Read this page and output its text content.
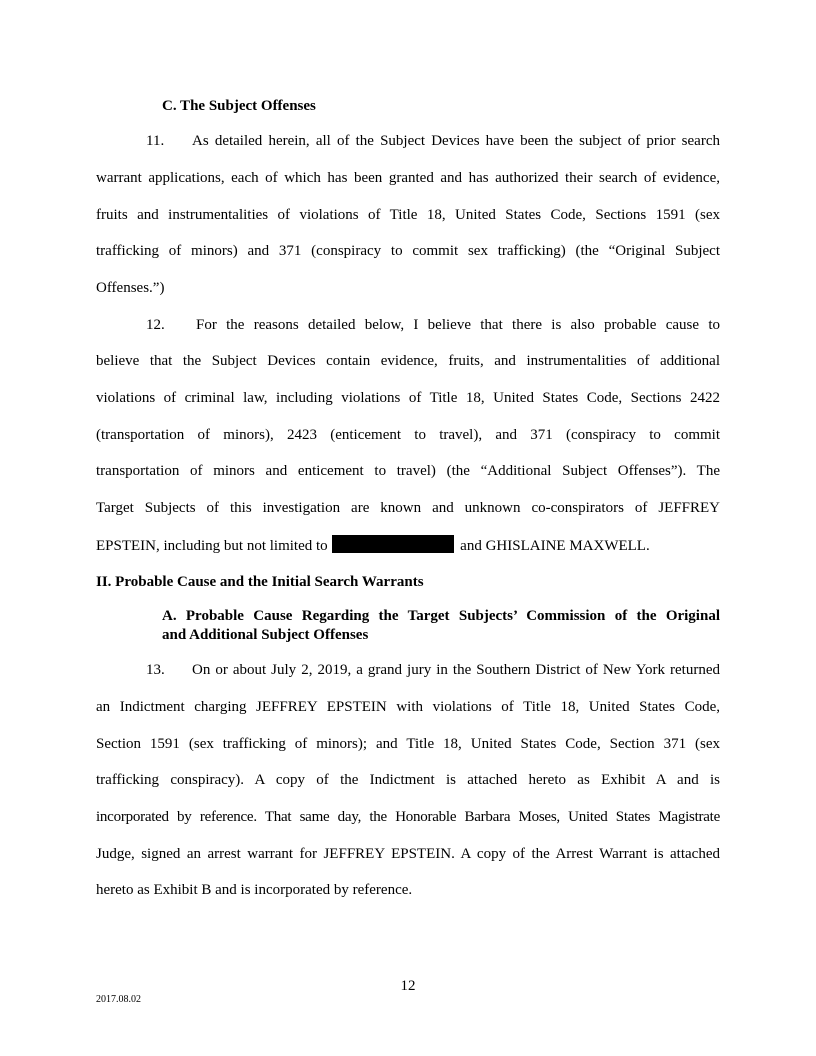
C. The Subject Offenses
11.	As detailed herein, all of the Subject Devices have been the subject of prior search
warrant applications, each of which has been granted and has authorized their search of evidence,
fruits and instrumentalities of violations of Title 18, United States Code, Sections 1591 (sex
trafficking of minors) and 371 (conspiracy to commit sex trafficking) (the “Original Subject
Offenses.”)
12.	For the reasons detailed below, I believe that there is also probable cause to
believe that the Subject Devices contain evidence, fruits, and instrumentalities of additional
violations of criminal law, including violations of Title 18, United States Code, Sections 2422
(transportation of minors), 2423 (enticement to travel), and 371 (conspiracy to commit
transportation of minors and enticement to travel) (the “Additional Subject Offenses”). The
Target Subjects of this investigation are known and unknown co-conspirators of JEFFREY
EPSTEIN, including but not limited to	and GHISLAINE MAXWELL.
II. Probable Cause and the Initial Search Warrants
A. Probable Cause Regarding the Target Subjects’ Commission of the Original
and Additional Subject Offenses
13.	On or about July 2, 2019, a grand jury in the Southern District of New York returned
an Indictment charging JEFFREY EPSTEIN with violations of Title 18, United States Code,
Section 1591 (sex trafficking of minors); and Title 18, United States Code, Section 371 (sex
trafficking conspiracy). A copy of the Indictment is attached hereto as Exhibit A and is
incorporated by reference. That same day, the Honorable Barbara Moses, United States Magistrate
Judge, signed an arrest warrant for JEFFREY EPSTEIN. A copy of the Arrest Warrant is attached
hereto as Exhibit B and is incorporated by reference.
12
2017.08.02
